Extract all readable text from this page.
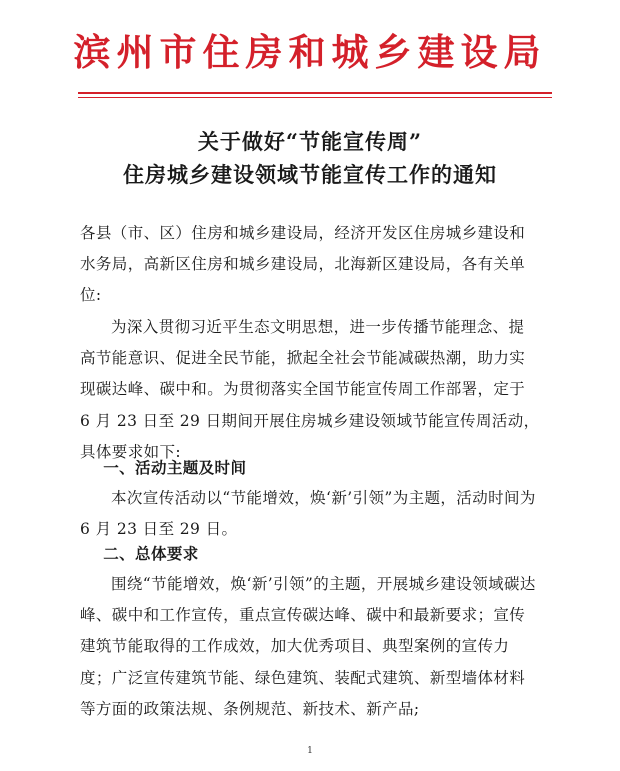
滨州市住房和城乡建设局
关于做好“节能宣传周”
住房城乡建设领域节能宣传工作的通知
各县（市、区）住房和城乡建设局，经济开发区住房城乡建设和水务局，高新区住房和城乡建设局，北海新区建设局，各有关单位:
为深入贯彻习近平生态文明思想，进一步传播节能理念、提高节能意识、促进全民节能，掀起全社会节能减碳热潮，助力实现碳达峰、碳中和。为贯彻落实全国节能宣传周工作部署，定于 6 月 23 日至 29 日期间开展住房城乡建设领域节能宣传周活动，具体要求如下:
一、活动主题及时间
本次宣传活动以“节能增效，焕‘新’引领”为主题，活动时间为 6 月 23 日至 29 日。
二、总体要求
围绕“节能增效，焕‘新’引领”的主题，开展城乡建设领域碳达峰、碳中和工作宣传，重点宣传碳达峰、碳中和最新要求；宣传建筑节能取得的工作成效，加大优秀项目、典型案例的宣传力度；广泛宣传建筑节能、绿色建筑、装配式建筑、新型墙体材料等方面的政策法规、条例规范、新技术、新产品;
1
